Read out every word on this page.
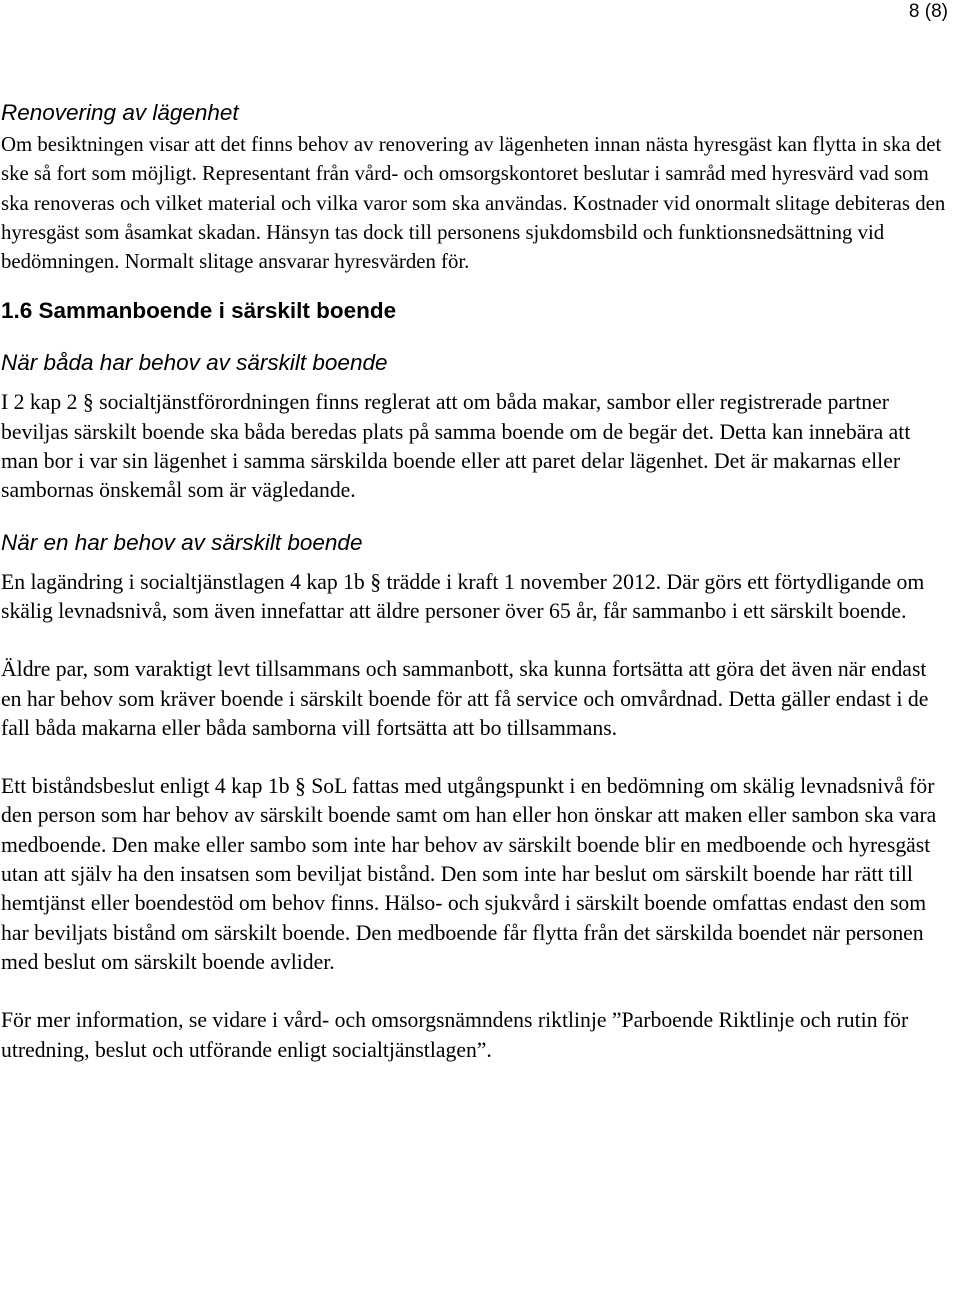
8 (8)
Renovering av lägenhet

Om besiktningen visar att det finns behov av renovering av lägenheten innan nästa hyresgäst kan flytta in ska det ske så fort som möjligt. Representant från vård- och omsorgskontoret beslutar i samråd med hyresvärd vad som ska renoveras och vilket material och vilka varor som ska användas. Kostnader vid onormalt slitage debiteras den hyresgäst som åsamkat skadan. Hänsyn tas dock till personens sjukdomsbild och funktionsnedsättning vid bedömningen. Normalt slitage ansvarar hyresvärden för.

1.6 Sammanboende i särskilt boende
När båda har behov av särskilt boende

I 2 kap 2 § socialtjänstförordningen finns reglerat att om båda makar, sambor eller registrerade partner beviljas särskilt boende ska båda beredas plats på samma boende om de begär det. Detta kan innebära att man bor i var sin lägenhet i samma särskilda boende eller att paret delar lägenhet. Det är makarnas eller sambornas önskemål som är vägledande.

När en har behov av särskilt boende

En lagändring i socialtjänstlagen 4 kap 1b § trädde i kraft 1 november 2012. Där görs ett förtydligande om skälig levnadsnivå, som även innefattar att äldre personer över 65 år, får sammanbo i ett särskilt boende.

Äldre par, som varaktigt levt tillsammans och sammanbott, ska kunna fortsätta att göra det även när endast en har behov som kräver boende i särskilt boende för att få service och omvårdnad. Detta gäller endast i de fall båda makarna eller båda samborna vill fortsätta att bo tillsammans.

Ett biståndsbeslut enligt 4 kap 1b § SoL fattas med utgångspunkt i en bedömning om skälig levnadsnivå för den person som har behov av särskilt boende samt om han eller hon önskar att maken eller sambon ska vara medboende. Den make eller sambo som inte har behov av särskilt boende blir en medboende och hyresgäst utan att själv ha den insatsen som beviljat bistånd. Den som inte har beslut om särskilt boende har rätt till hemtjänst eller boendestöd om behov finns. Hälso- och sjukvård i särskilt boende omfattas endast den som har beviljats bistånd om särskilt boende. Den medboende får flytta från det särskilda boendet när personen med beslut om särskilt boende avlider.

För mer information, se vidare i vård- och omsorgsnämndens riktlinje ”Parboende Riktlinje och rutin för utredning, beslut och utförande enligt socialtjänstlagen”.
